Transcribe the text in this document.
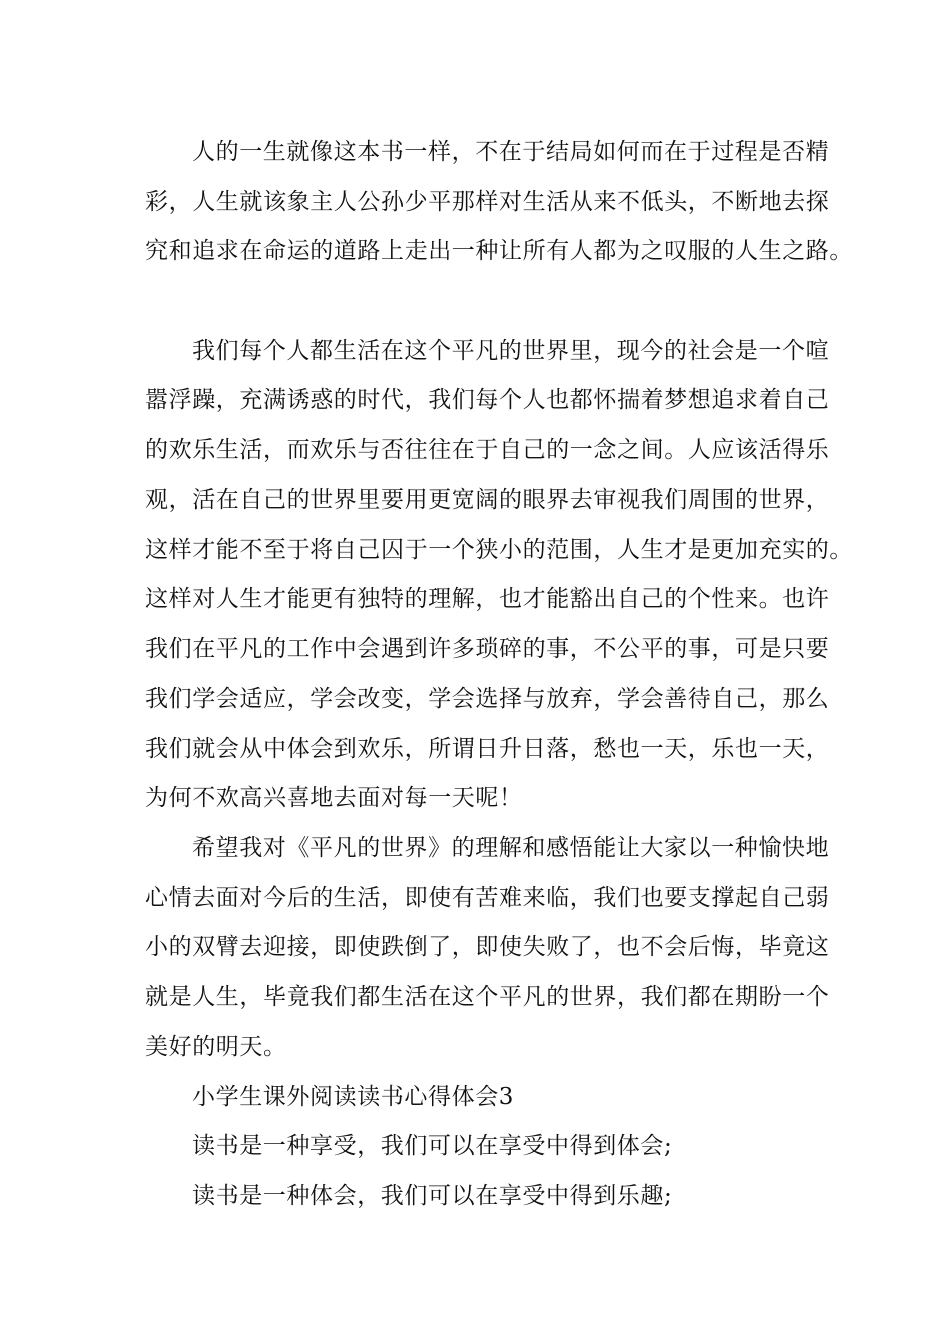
人的一生就像这本书一样，不在于结局如何而在于过程是否精
彩，人生就该象主人公孙少平那样对生活从来不低头，不断地去探
究和追求在命运的道路上走出一种让所有人都为之叹服的人生之路。
我们每个人都生活在这个平凡的世界里，现今的社会是一个喧
嚣浮躁，充满诱惑的时代，我们每个人也都怀揣着梦想追求着自己
的欢乐生活，而欢乐与否往往在于自己的一念之间。人应该活得乐
观，活在自己的世界里要用更宽阔的眼界去审视我们周围的世界，
这样才能不至于将自己囚于一个狭小的范围，人生才是更加充实的。
这样对人生才能更有独特的理解，也才能豁出自己的个性来。也许
我们在平凡的工作中会遇到许多琐碎的事，不公平的事，可是只要
我们学会适应，学会改变，学会选择与放弃，学会善待自己，那么
我们就会从中体会到欢乐，所谓日升日落，愁也一天，乐也一天，
为何不欢高兴喜地去面对每一天呢！
希望我对《平凡的世界》的理解和感悟能让大家以一种愉快地
心情去面对今后的生活，即使有苦难来临，我们也要支撑起自己弱
小的双臂去迎接，即使跌倒了，即使失败了，也不会后悔，毕竟这
就是人生，毕竟我们都生活在这个平凡的世界，我们都在期盼一个
美好的明天。
小学生课外阅读读书心得体会3
读书是一种享受，我们可以在享受中得到体会;
读书是一种体会，我们可以在享受中得到乐趣;
